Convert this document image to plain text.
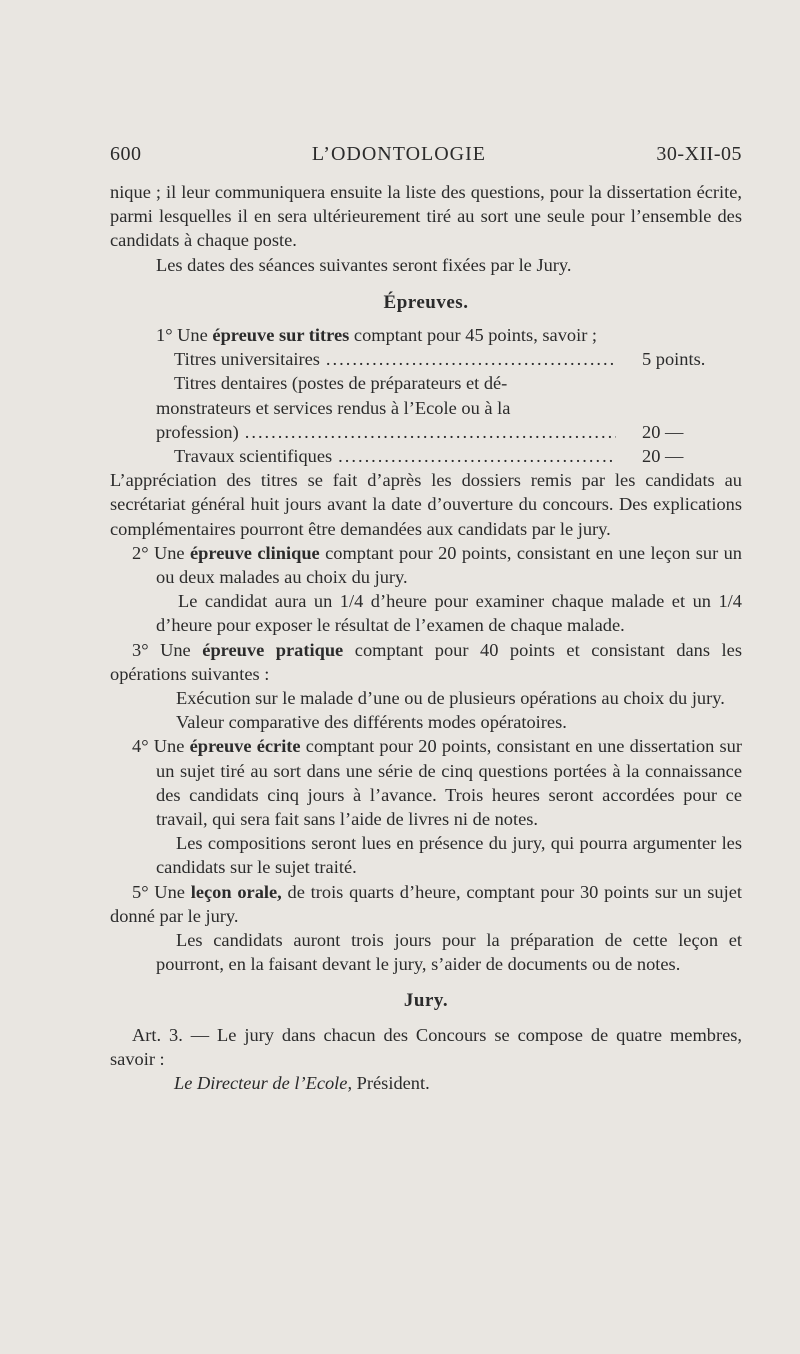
600	L’ODONTOLOGIE	30-XII-05

nique ; il leur communiquera ensuite la liste des questions, pour la dissertation écrite, parmi lesquelles il en sera ultérieurement tiré au sort une seule pour l’ensemble des candidats à chaque poste.

Les dates des séances suivantes seront fixées par le Jury.

Épreuves.

1° Une épreuve sur titres comptant pour 45 points, savoir ;

Titres universitaires .....	5 points.

Titres dentaires (postes de préparateurs et dé-

monstrateurs et services rendus à l’Ecole ou à la

profession) .....	20 —
Travaux scientifiques .....	20 —

L’appréciation des titres se fait d’après les dossiers remis par les candidats au secrétariat général huit jours avant la date d’ouverture du concours. Des explications complémentaires pourront être demandées aux candidats par le jury.

2° Une épreuve clinique comptant pour 20 points, consistant en une leçon sur un ou deux malades au choix du jury.

Le candidat aura un 1/4 d’heure pour examiner chaque malade et un 1/4 d’heure pour exposer le résultat de l’examen de chaque malade.

3° Une épreuve pratique comptant pour 40 points et consistant dans les opérations suivantes :

Exécution sur le malade d’une ou de plusieurs opérations au choix du jury.

Valeur comparative des différents modes opératoires.

4° Une épreuve écrite comptant pour 20 points, consistant en une dissertation sur un sujet tiré au sort dans une série de cinq questions portées à la connaissance des candidats cinq jours à l’avance. Trois heures seront accordées pour ce travail, qui sera fait sans l’aide de livres ni de notes.

Les compositions seront lues en présence du jury, qui pourra argumenter les candidats sur le sujet traité.

5° Une leçon orale, de trois quarts d’heure, comptant pour 30 points sur un sujet donné par le jury.

Les candidats auront trois jours pour la préparation de cette leçon et pourront, en la faisant devant le jury, s’aider de documents ou de notes.

Jury.

Art. 3. — Le jury dans chacun des Concours se compose de quatre membres, savoir :

Le Directeur de l’Ecole, Président.
